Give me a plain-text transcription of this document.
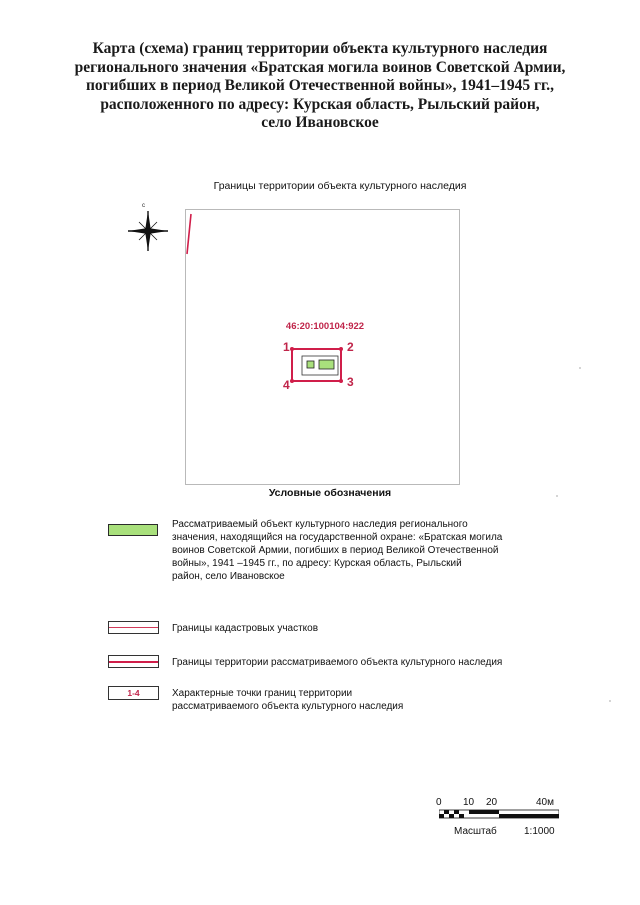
Карта (схема) границ территории объекта культурного наследия
регионального значения «Братская могила воинов Советской Армии,
погибших в период Великой Отечественной войны», 1941–1945 гг.,
расположенного по адресу: Курская область, Рыльский район,
село Ивановское
Границы территории объекта культурного наследия
46:20:100104:922
1	2
3
4
с
Условные обозначения
Рассматриваемый объект культурного наследия регионального
значения, находящийся на государственной охране: «Братская могила
воинов Советской Армии, погибших в период Великой Отечественной
войны», 1941 –1945 гг., по адресу: Курская область, Рыльский
район, село Ивановское
Границы кадастровых участков
Границы территории рассматриваемого объекта культурного наследия
1-4	Характерные точки границ территории
рассматриваемого объекта культурного наследия
0 10 20	40м
Масштаб	1:1000
